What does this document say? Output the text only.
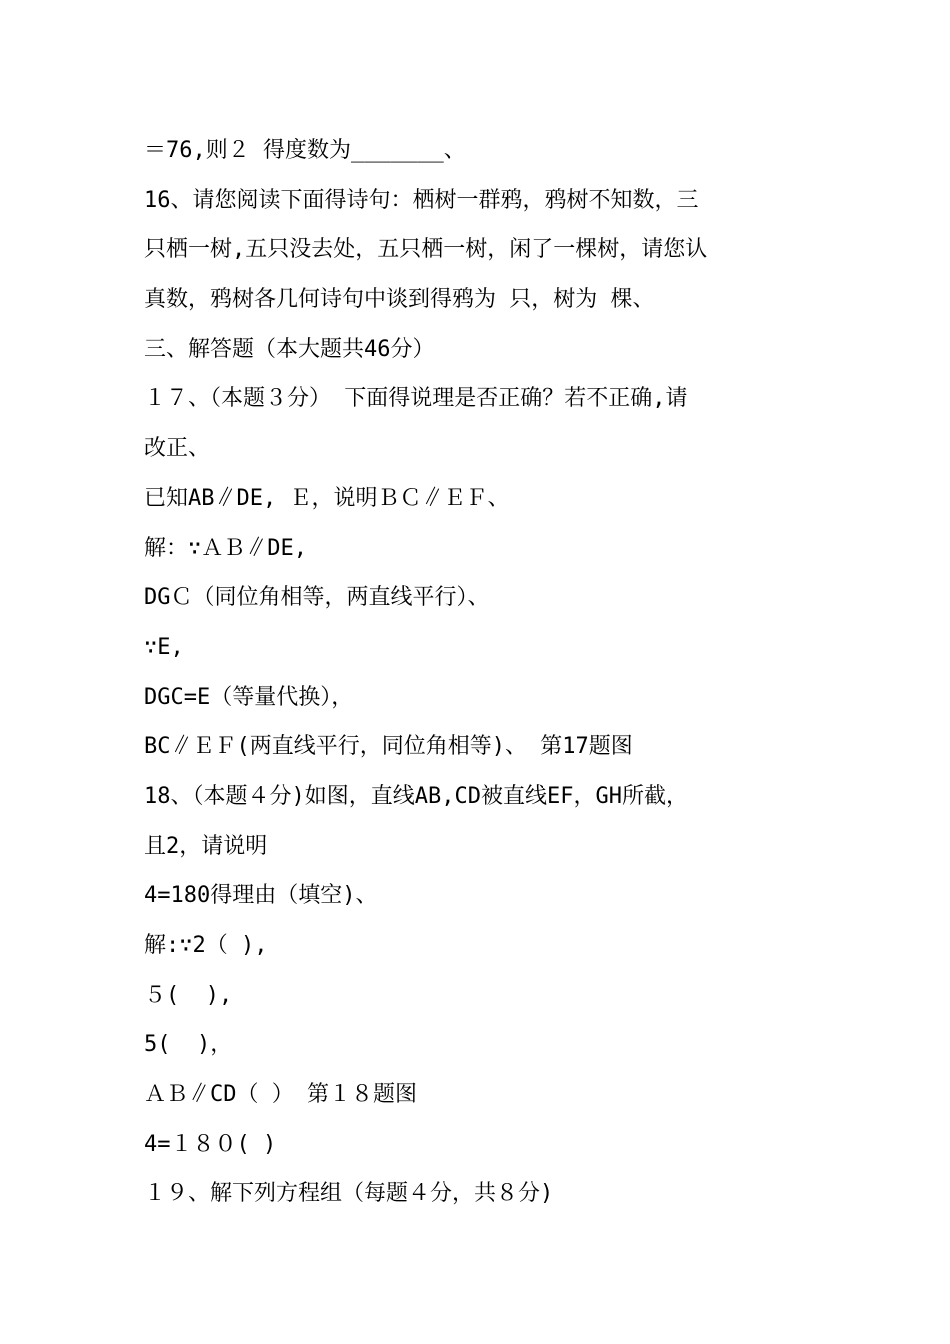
＝76,则２ 得度数为_______、
16、请您阅读下面得诗句：栖树一群鸦，鸦树不知数，三
只栖一树,五只没去处，五只栖一树，闲了一棵树，请您认
真数，鸦树各几何诗句中谈到得鸦为 只，树为 棵、
三、解答题（本大题共46分）
１７、（本题３分） 下面得说理是否正确？若不正确,请
改正、
已知AB∥DE, Ｅ，说明ＢＣ∥ＥＦ、
解：∵ＡＢ∥DE,
DGＣ（同位角相等，两直线平行）、
∵E,
DGC=E（等量代换），
BC∥ＥＦ(两直线平行，同位角相等)、 第17题图
18、（本题４分)如图，直线AB,CD被直线EF，GH所截，
且2，请说明
4=180得理由（填空)、
解:∵2（ ),
５(  ),
5(  )，
ＡＢ∥CD（ ） 第１８题图
4=１８０( )
１９、解下列方程组（每题４分，共８分)
